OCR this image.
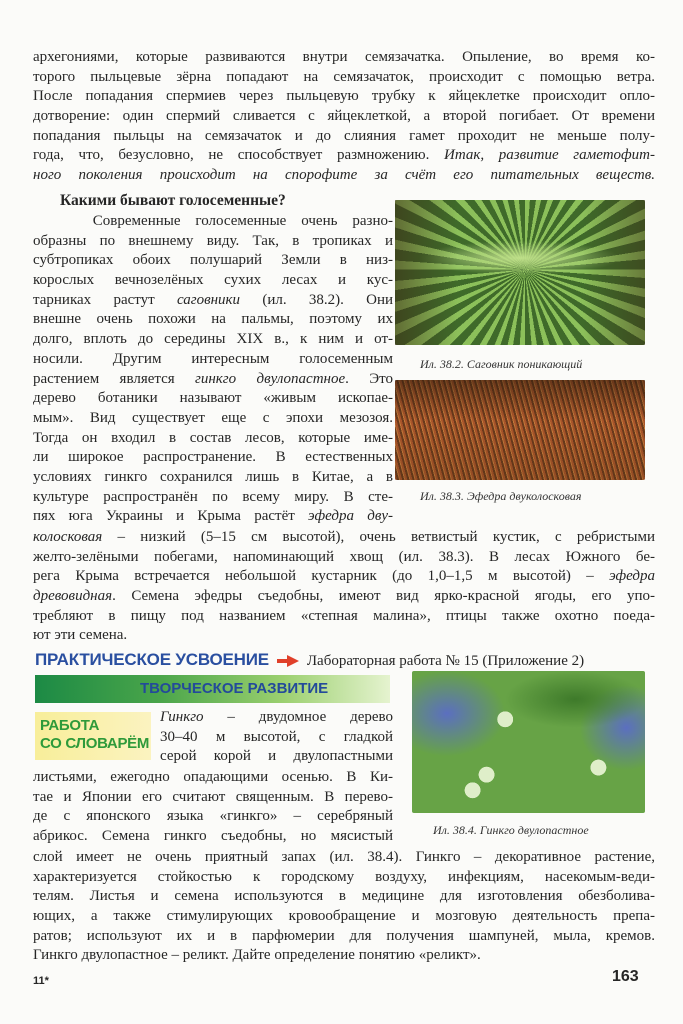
архегониями, которые развиваются внутри семязачатка. Опыление, во время ко-
торого пыльцевые зёрна попадают на семязачаток, происходит с помощью ветра.
После попадания спермиев через пыльцевую трубку к яйцеклетке происходит опло-
дотворение: один спермий сливается с яйцеклеткой, а второй погибает. От времени
попадания пыльцы на семязачаток и до слияния гамет проходит не меньше полу-
года, что, безусловно, не способствует размножению. Итак, развитие гаметофит-
ного поколения происходит на спорофите за счёт его питательных веществ.
Какими бывают голосеменные?
Современные голосеменные очень разно-
образны по внешнему виду. Так, в тропиках и
субтропиках обоих полушарий Земли в низ-
корослых вечнозелёных сухих лесах и кус-
тарниках растут саговники (ил. 38.2). Они
внешне очень похожи на пальмы, поэтому их
долго, вплоть до середины XIX в., к ним и от-
носили. Другим интересным голосеменным
растением является гинкго двулопастное. Это
дерево ботаники называют «живым ископае-
мым». Вид существует еще с эпохи мезозоя.
Тогда он входил в состав лесов, которые име-
ли широкое распространение. В естественных
условиях гинкго сохранился лишь в Китае, а в
культуре распространён по всему миру. В сте-
пях юга Украины и Крыма растёт эфедра дву-
колосковая – низкий (5–15 см высотой), очень ветвистый кустик, с ребристыми
желто-зелёными побегами, напоминающий хвощ (ил. 38.3). В лесах Южного бе-
рега Крыма встречается небольшой кустарник (до 1,0–1,5 м высотой) – эфедра
древовидная. Семена эфедры съедобны, имеют вид ярко-красной ягоды, его упо-
требляют в пищу под названием «степная малина», птицы также охотно поеда-
ют эти семена.
Ил. 38.2. Саговник поникающий
Ил. 38.3. Эфедра двуколосковая
ПРАКТИЧЕСКОЕ УСВОЕНИЕ	Лабораторная работа № 15 (Приложение 2)
ТВОРЧЕСКОЕ РАЗВИТИЕ
РАБОТА
СО СЛОВАРЁМ
Гинкго – двудомное дерево
30–40 м высотой, с гладкой
серой корой и двулопастными
листьями, ежегодно опадающими осенью. В Ки-
тае и Японии его считают священным. В перево-
де с японского языка «гинкго» – серебряный
абрикос. Семена гинкго съедобны, но мясистый
слой имеет не очень приятный запах (ил. 38.4). Гинкго – декоративное растение,
характеризуется стойкостью к городскому воздуху, инфекциям, насекомым-веди-
телям. Листья и семена используются в медицине для изготовления обезболива-
ющих, а также стимулирующих кровообращение и мозговую деятельность препа-
ратов; используют их и в парфюмерии для получения шампуней, мыла, кремов.
Гинкго двулопастное – реликт. Дайте определение понятию «реликт».
Ил. 38.4. Гинкго двулопастное
11*	163
